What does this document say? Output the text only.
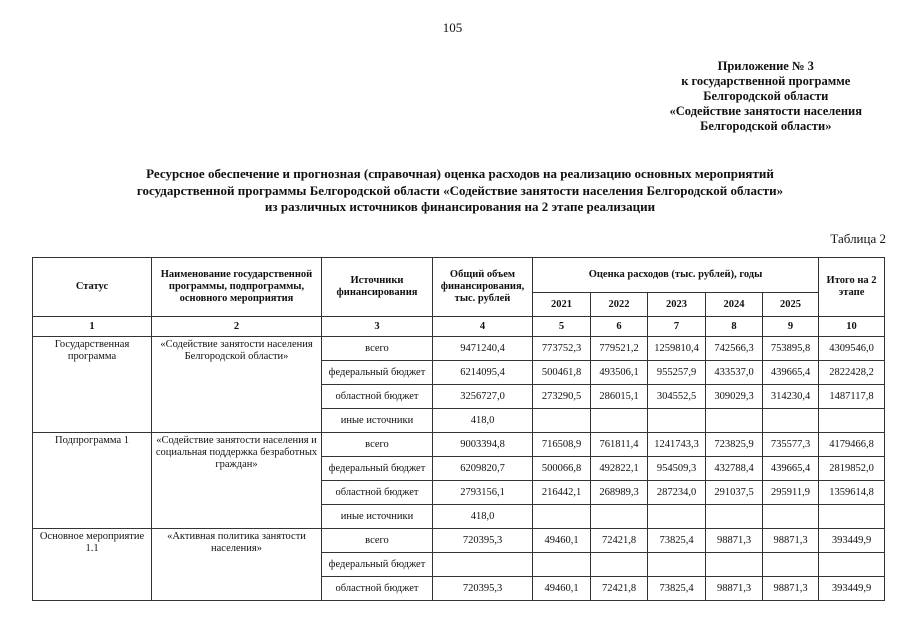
105
Приложение № 3
к государственной программе
Белгородской области
«Содействие занятости населения
Белгородской области»
Ресурсное обеспечение и прогнозная (справочная) оценка расходов на реализацию основных мероприятий
государственной программы Белгородской области «Содействие занятости населения Белгородской области»
из различных источников финансирования на 2 этапе реализации
Таблица 2
Статус	Наименование государственной программы, подпрограммы, основного мероприятия	Источники финансирования	Общий объем финансирования, тыс. рублей	Оценка расходов (тыс. рублей), годы					Итого на 2 этапе
				2021	2022	2023	2024	2025	
1	2	3	4	5	6	7	8	9	10
Государственная программа	«Содействие занятости населения Белгородской области»	всего	9471240,4	773752,3	779521,2	1259810,4	742566,3	753895,8	4309546,0
		федеральный бюджет	6214095,4	500461,8	493506,1	955257,9	433537,0	439665,4	2822428,2
		областной бюджет	3256727,0	273290,5	286015,1	304552,5	309029,3	314230,4	1487117,8
		иные источники	418,0						
Подпрограмма 1	«Содействие занятости населения и социальная поддержка безработных граждан»	всего	9003394,8	716508,9	761811,4	1241743,3	723825,9	735577,3	4179466,8
		федеральный бюджет	6209820,7	500066,8	492822,1	954509,3	432788,4	439665,4	2819852,0
		областной бюджет	2793156,1	216442,1	268989,3	287234,0	291037,5	295911,9	1359614,8
		иные источники	418,0						
Основное мероприятие 1.1	«Активная политика занятости населения»	всего	720395,3	49460,1	72421,8	73825,4	98871,3	98871,3	393449,9
		федеральный бюджет							
		областной бюджет	720395,3	49460,1	72421,8	73825,4	98871,3	98871,3	393449,9
